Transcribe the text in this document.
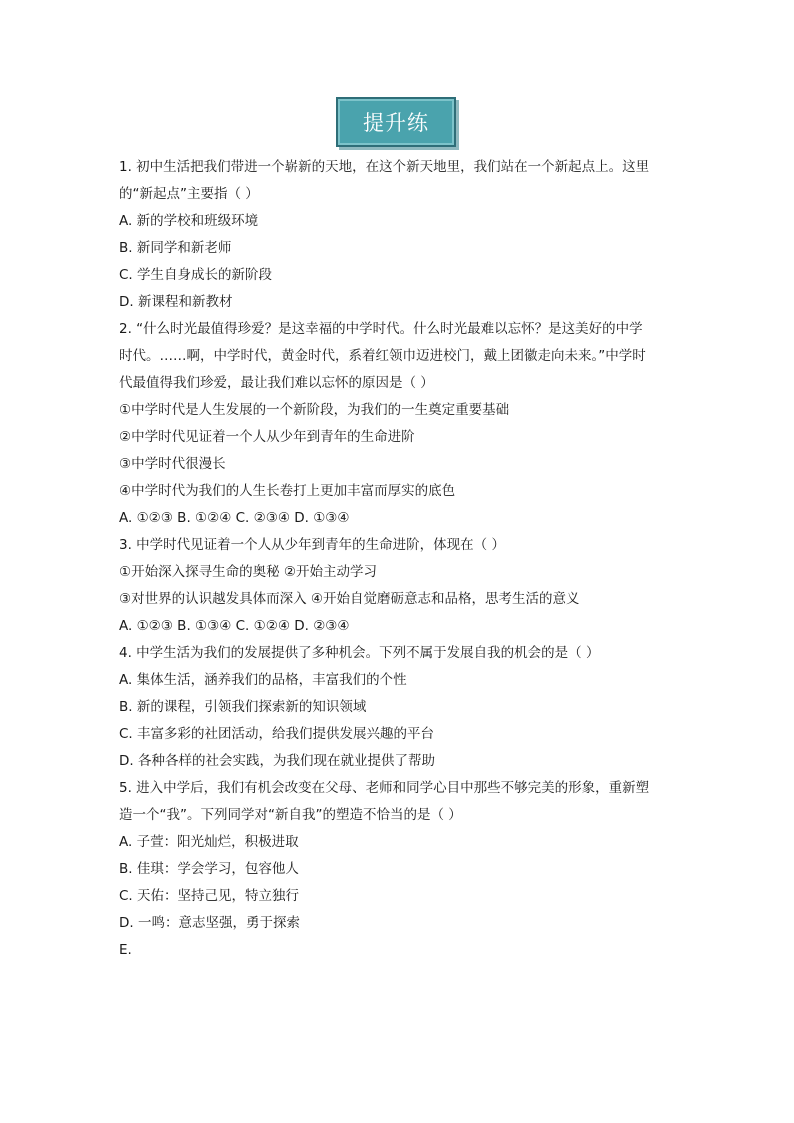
提升练
1. 初中生活把我们带进一个崭新的天地，在这个新天地里，我们站在一个新起点上。这里
的“新起点”主要指（ ）
A. 新的学校和班级环境
B. 新同学和新老师
C. 学生自身成长的新阶段
D. 新课程和新教材
2. “什么时光最值得珍爱？是这幸福的中学时代。什么时光最难以忘怀？是这美好的中学
时代。……啊，中学时代，黄金时代，系着红领巾迈进校门，戴上团徽走向未来。”中学时
代最值得我们珍爱，最让我们难以忘怀的原因是（ ）
①中学时代是人生发展的一个新阶段，为我们的一生奠定重要基础
②中学时代见证着一个人从少年到青年的生命进阶
③中学时代很漫长
④中学时代为我们的人生长卷打上更加丰富而厚实的底色
A. ①②③ B. ①②④ C. ②③④ D. ①③④
3. 中学时代见证着一个人从少年到青年的生命进阶，体现在（ ）
①开始深入探寻生命的奥秘 ②开始主动学习
③对世界的认识越发具体而深入 ④开始自觉磨砺意志和品格，思考生活的意义
A. ①②③ B. ①③④ C. ①②④ D. ②③④
4. 中学生活为我们的发展提供了多种机会。下列不属于发展自我的机会的是（ ）
A. 集体生活，涵养我们的品格，丰富我们的个性
B. 新的课程，引领我们探索新的知识领域
C. 丰富多彩的社团活动，给我们提供发展兴趣的平台
D. 各种各样的社会实践，为我们现在就业提供了帮助
5. 进入中学后，我们有机会改变在父母、老师和同学心目中那些不够完美的形象，重新塑
造一个“我”。下列同学对“新自我”的塑造不恰当的是（ ）
A. 子萱：阳光灿烂，积极进取
B. 佳琪：学会学习，包容他人
C. 天佑：坚持己见，特立独行
D. 一鸣：意志坚强，勇于探索
E.
